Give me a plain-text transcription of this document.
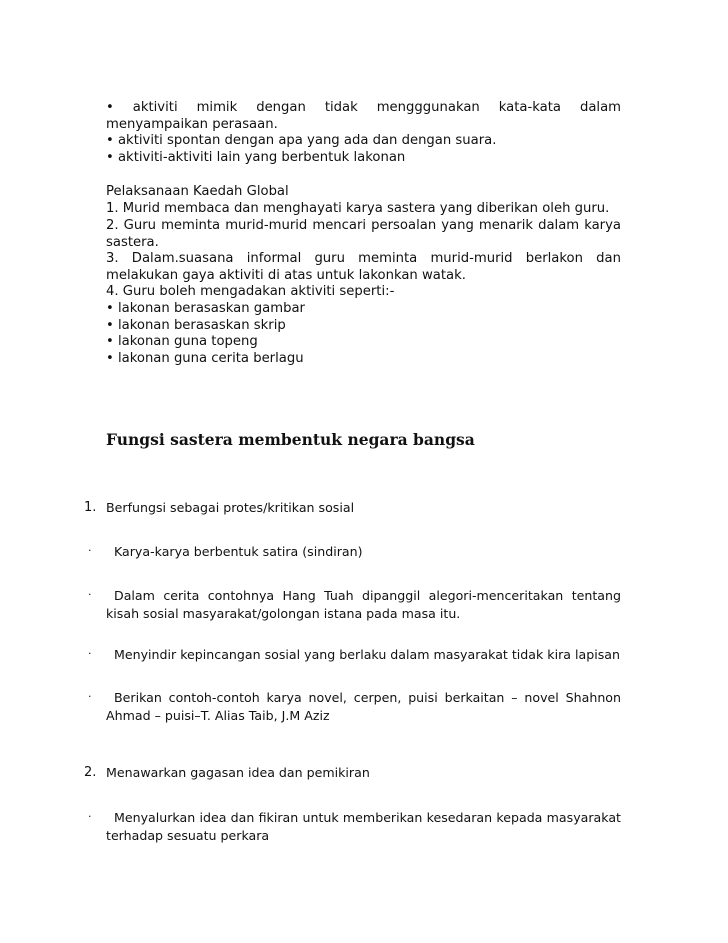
• aktiviti mimik dengan tidak mengggunakan kata-kata dalam menyampaikan perasaan.
• aktiviti spontan dengan apa yang ada dan dengan suara.
• aktiviti-aktiviti lain yang berbentuk lakonan
Pelaksanaan Kaedah Global
1. Murid membaca dan menghayati karya sastera yang diberikan oleh guru.
2. Guru meminta murid-murid mencari persoalan yang menarik dalam karya sastera.
3. Dalam.suasana informal guru meminta murid-murid berlakon dan melakukan gaya aktiviti di atas untuk lakonkan watak.
4. Guru boleh mengadakan aktiviti seperti:-
• lakonan berasaskan gambar
• lakonan berasaskan skrip
• lakonan guna topeng
• lakonan guna cerita berlagu
Fungsi sastera membentuk negara bangsa
1. Berfungsi sebagai protes/kritikan sosial
·	Karya-karya berbentuk satira (sindiran)
·	Dalam cerita contohnya Hang Tuah dipanggil alegori-menceritakan tentang kisah sosial masyarakat/golongan istana pada masa itu.
·	Menyindir kepincangan sosial yang berlaku dalam masyarakat tidak kira lapisan
·	Berikan contoh-contoh karya novel, cerpen, puisi berkaitan – novel Shahnon Ahmad – puisi–T. Alias Taib, J.M Aziz
2. Menawarkan gagasan idea dan pemikiran
·	Menyalurkan idea dan fikiran untuk memberikan kesedaran kepada masyarakat terhadap sesuatu perkara
